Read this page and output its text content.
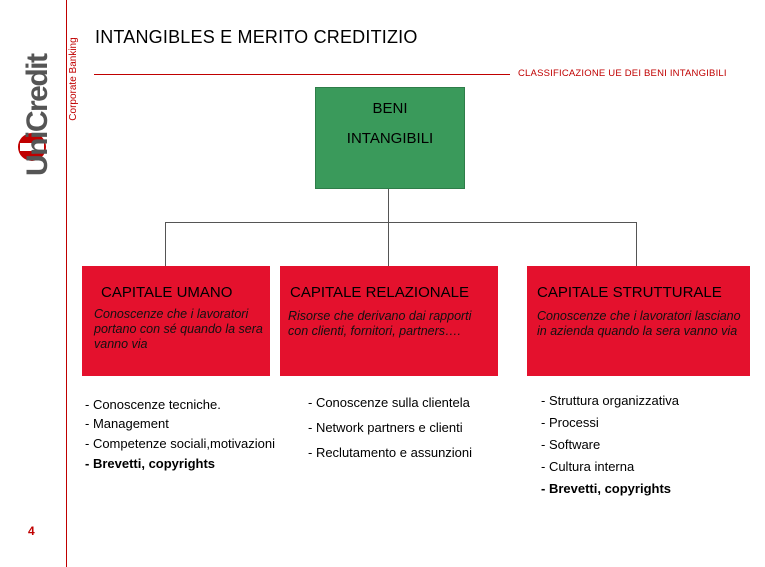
UniCredit	Corporate Banking
4
INTANGIBLES E MERITO CREDITIZIO
CLASSIFICAZIONE UE DEI BENI INTANGIBILI
BENI
INTANGIBILI
CAPITALE UMANO
Conoscenze che i lavoratori portano con sé quando la sera vanno via
CAPITALE RELAZIONALE
Risorse che derivano dai rapporti con clienti, fornitori, partners….
CAPITALE STRUTTURALE
Conoscenze che i lavoratori lasciano in azienda quando la sera vanno via
- Conoscenze tecniche.
- Management
- Competenze sociali,motivazioni
- Brevetti, copyrights
- Conoscenze sulla clientela
- Network partners e clienti
- Reclutamento e assunzioni
- Struttura organizzativa
- Processi
- Software
- Cultura interna
- Brevetti, copyrights
